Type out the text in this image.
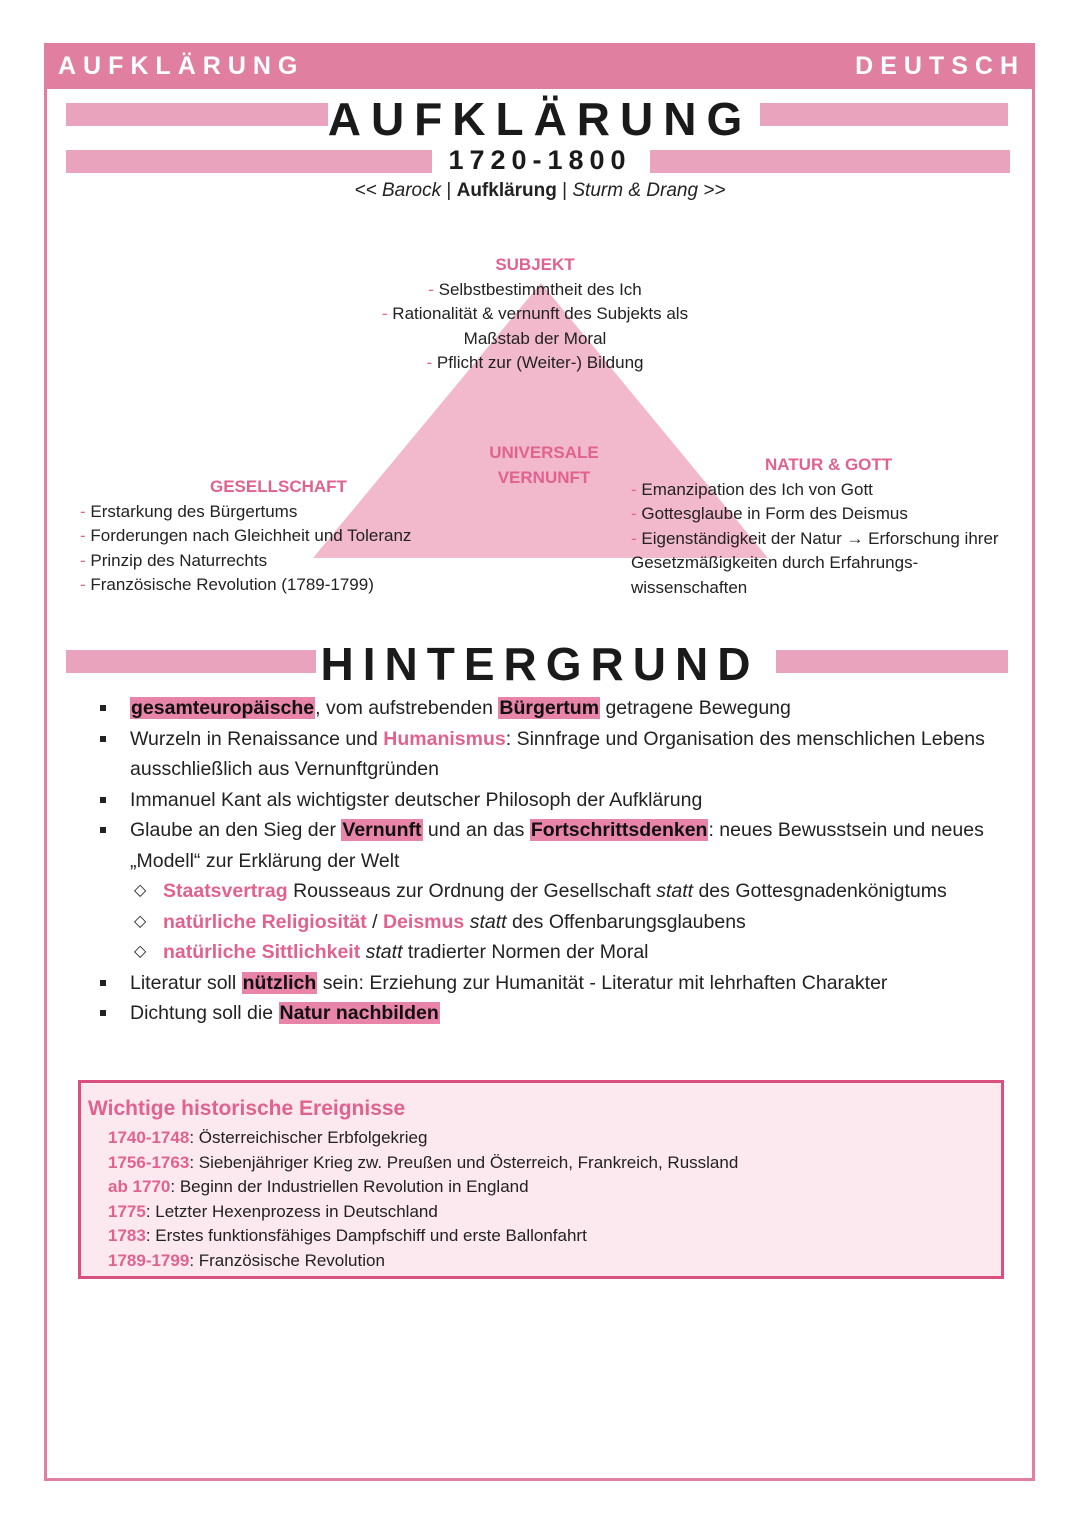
AUFKLÄRUNG	DEUTSCH
AUFKLÄRUNG
1720-1800
<< Barock | Aufklärung | Sturm & Drang >>
UNIVERSALE
VERNUNFT
SUBJEKT
- Selbstbestimmtheit des Ich
- Rationalität & vernunft des Subjekts als
Maßstab der Moral
- Pflicht zur (Weiter-) Bildung
GESELLSCHAFT
- Erstarkung des Bürgertums
- Forderungen nach Gleichheit und Toleranz
- Prinzip des Naturrechts
- Französische Revolution (1789-1799)
NATUR & GOTT
- Emanzipation des Ich von Gott
- Gottesglaube in Form des Deismus
- Eigenständigkeit der Natur → Erforschung ihrer
Gesetzmäßigkeiten durch Erfahrungs-
wissenschaften
HINTERGRUND
gesamteuropäische, vom aufstrebenden Bürgertum getragene Bewegung
Wurzeln in Renaissance und Humanismus: Sinnfrage und Organisation des menschlichen Lebens ausschließlich aus Vernunftgründen
Immanuel Kant als wichtigster deutscher Philosoph der Aufklärung
Glaube an den Sieg der Vernunft und an das Fortschrittsdenken: neues Bewusstsein und neues „Modell“ zur Erklärung der Welt
◇ Staatsvertrag Rousseaus zur Ordnung der Gesellschaft statt des Gottesgnadenkönigtums
◇ natürliche Religiosität / Deismus statt des Offenbarungsglaubens
◇ natürliche Sittlichkeit statt tradierter Normen der Moral
Literatur soll nützlich sein: Erziehung zur Humanität - Literatur mit lehrhaften Charakter
Dichtung soll die Natur nachbilden
Wichtige historische Ereignisse
1740-1748: Österreichischer Erbfolgekrieg
1756-1763: Siebenjähriger Krieg zw. Preußen und Österreich, Frankreich, Russland
ab 1770: Beginn der Industriellen Revolution in England
1775: Letzter Hexenprozess in Deutschland
1783: Erstes funktionsfähiges Dampfschiff und erste Ballonfahrt
1789-1799: Französische Revolution
